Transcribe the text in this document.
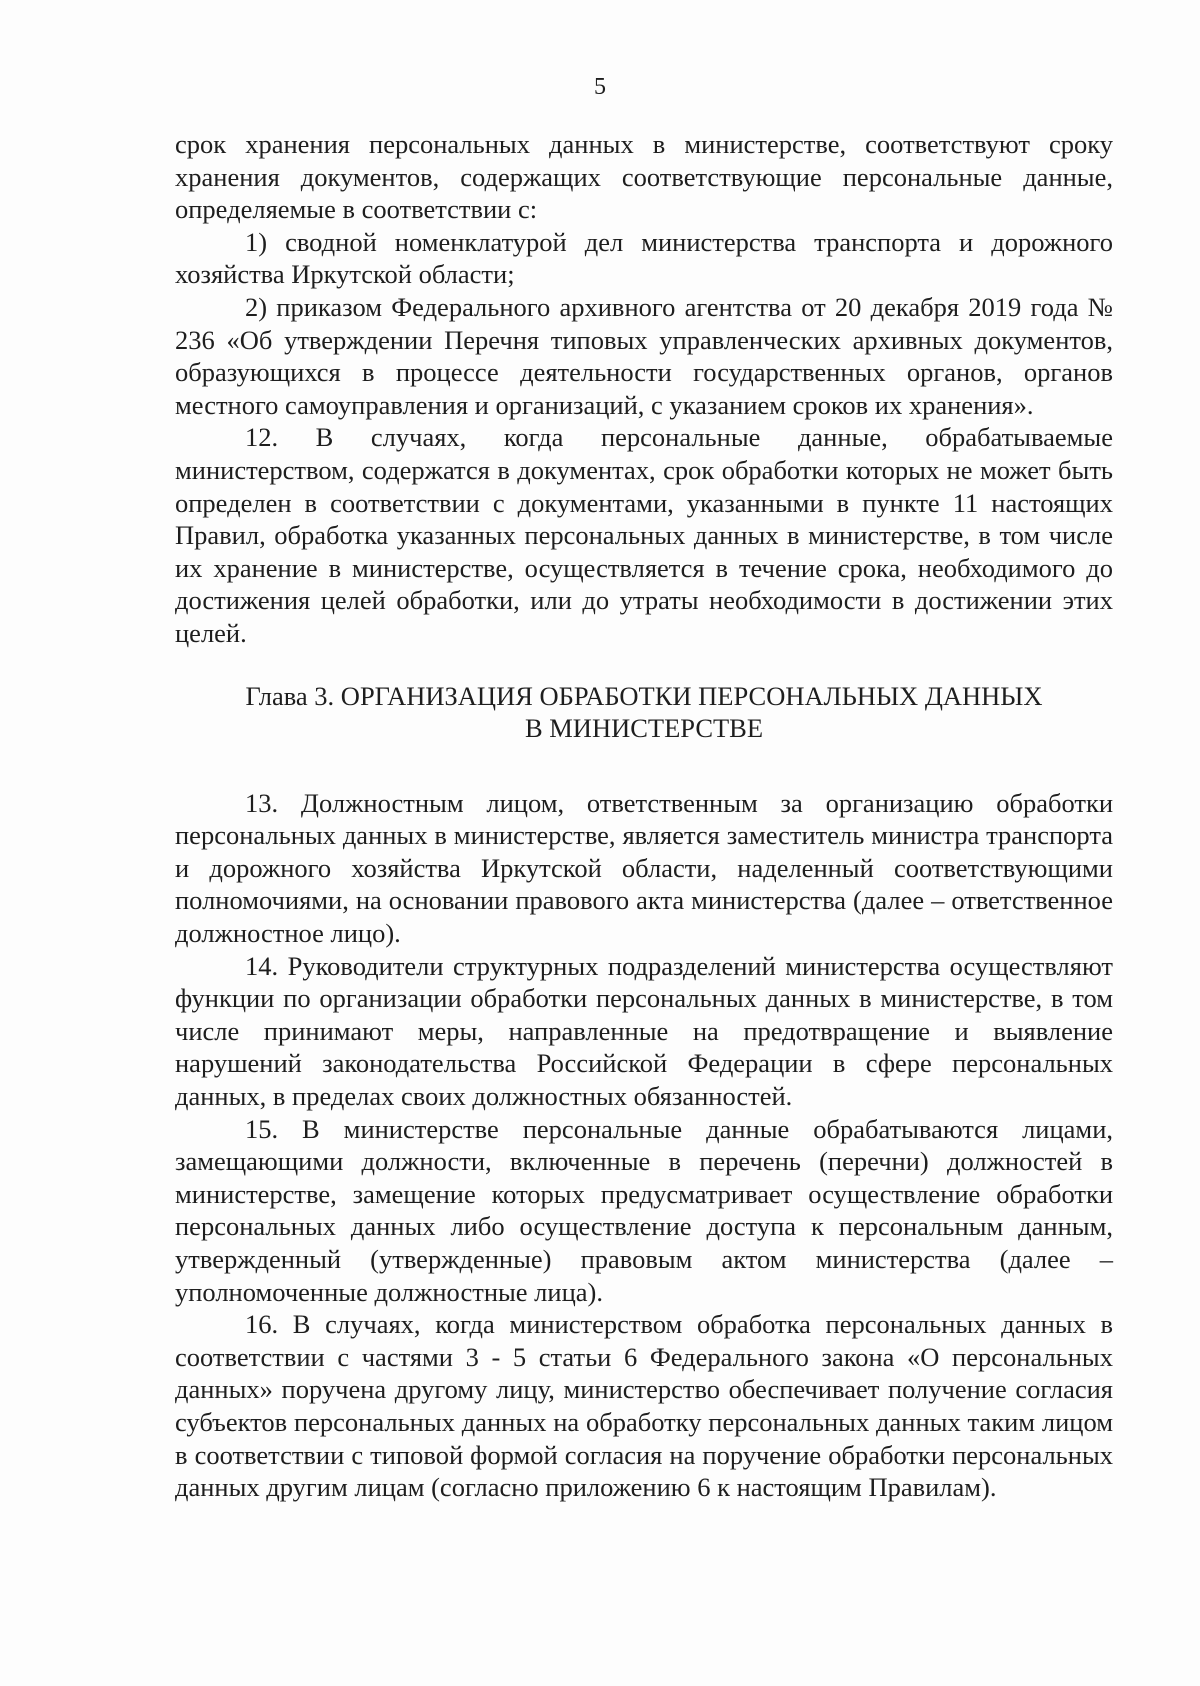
5

срок хранения персональных данных в министерстве, соответствуют сроку хранения документов, содержащих соответствующие персональные данные, определяемые в соответствии с:

1) сводной номенклатурой дел министерства транспорта и дорожного хозяйства Иркутской области;

2) приказом Федерального архивного агентства от 20 декабря 2019 года № 236 «Об утверждении Перечня типовых управленческих архивных документов, образующихся в процессе деятельности государственных органов, органов местного самоуправления и организаций, с указанием сроков их хранения».

12. В случаях, когда персональные данные, обрабатываемые министерством, содержатся в документах, срок обработки которых не может быть определен в соответствии с документами, указанными в пункте 11 настоящих Правил, обработка указанных персональных данных в министерстве, в том числе их хранение в министерстве, осуществляется в течение срока, необходимого до достижения целей обработки, или до утраты необходимости в достижении этих целей.

Глава 3. ОРГАНИЗАЦИЯ ОБРАБОТКИ ПЕРСОНАЛЬНЫХ ДАННЫХ
В МИНИСТЕРСТВЕ

13. Должностным лицом, ответственным за организацию обработки персональных данных в министерстве, является заместитель министра транспорта и дорожного хозяйства Иркутской области, наделенный соответствующими полномочиями, на основании правового акта министерства (далее – ответственное должностное лицо).

14. Руководители структурных подразделений министерства осуществляют функции по организации обработки персональных данных в министерстве, в том числе принимают меры, направленные на предотвращение и выявление нарушений законодательства Российской Федерации в сфере персональных данных, в пределах своих должностных обязанностей.

15. В министерстве персональные данные обрабатываются лицами, замещающими должности, включенные в перечень (перечни) должностей в министерстве, замещение которых предусматривает осуществление обработки персональных данных либо осуществление доступа к персональным данным, утвержденный (утвержденные) правовым актом министерства (далее – уполномоченные должностные лица).

16. В случаях, когда министерством обработка персональных данных в соответствии с частями 3 - 5 статьи 6 Федерального закона «О персональных данных» поручена другому лицу, министерство обеспечивает получение согласия субъектов персональных данных на обработку персональных данных таким лицом в соответствии с типовой формой согласия на поручение обработки персональных данных другим лицам (согласно приложению 6 к настоящим Правилам).
